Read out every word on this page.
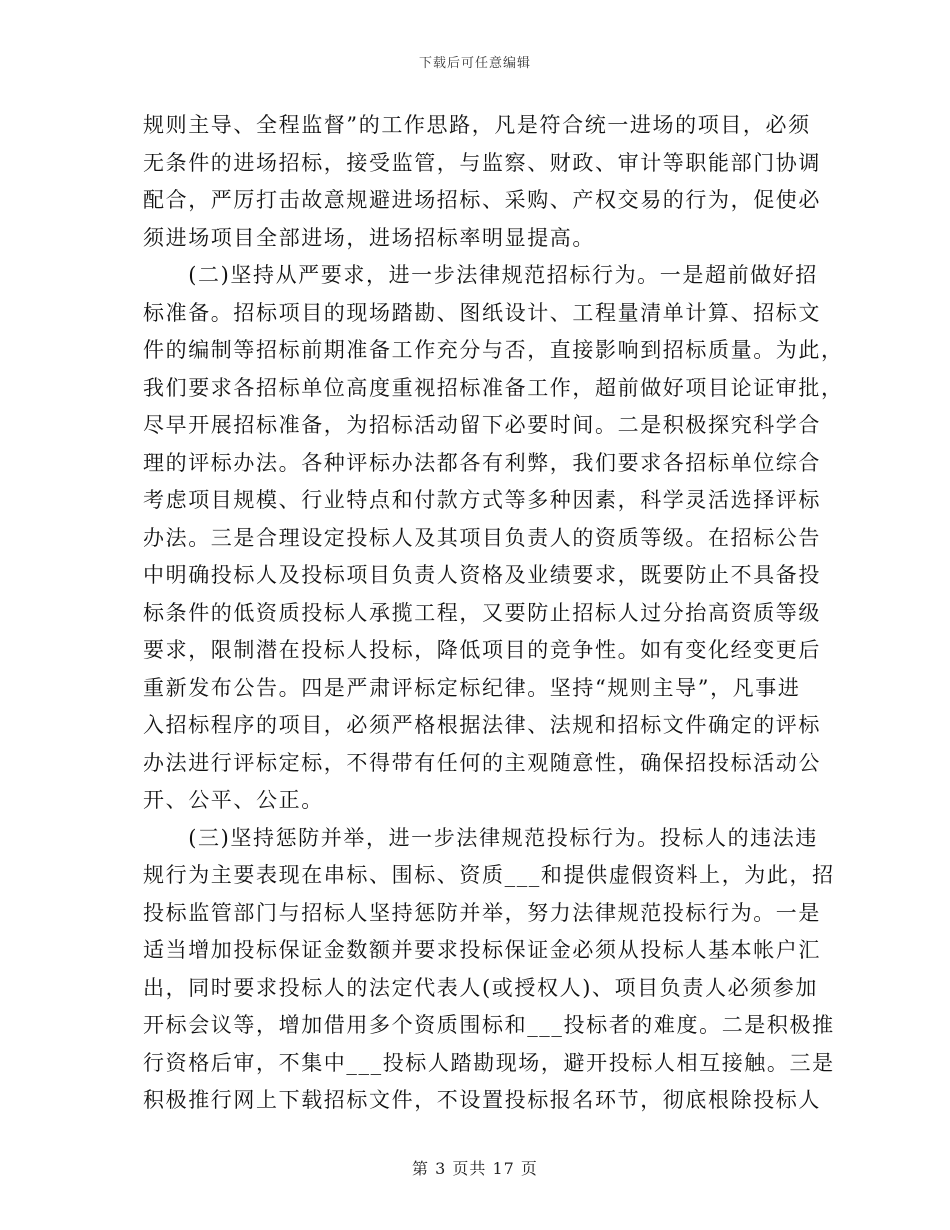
下载后可任意编辑
规则主导、全程监督”的工作思路，凡是符合统一进场的项目，必须
无条件的进场招标，接受监管，与监察、财政、审计等职能部门协调
配合，严厉打击故意规避进场招标、采购、产权交易的行为，促使必
须进场项目全部进场，进场招标率明显提高。
　　(二)坚持从严要求，进一步法律规范招标行为。一是超前做好招
标准备。招标项目的现场踏勘、图纸设计、工程量清单计算、招标文
件的编制等招标前期准备工作充分与否，直接影响到招标质量。为此，
我们要求各招标单位高度重视招标准备工作，超前做好项目论证审批，
尽早开展招标准备，为招标活动留下必要时间。二是积极探究科学合
理的评标办法。各种评标办法都各有利弊，我们要求各招标单位综合
考虑项目规模、行业特点和付款方式等多种因素，科学灵活选择评标
办法。三是合理设定投标人及其项目负责人的资质等级。在招标公告
中明确投标人及投标项目负责人资格及业绩要求，既要防止不具备投
标条件的低资质投标人承揽工程，又要防止招标人过分抬高资质等级
要求，限制潜在投标人投标，降低项目的竞争性。如有变化经变更后
重新发布公告。四是严肃评标定标纪律。坚持“规则主导”，凡事进
入招标程序的项目，必须严格根据法律、法规和招标文件确定的评标
办法进行评标定标，不得带有任何的主观随意性，确保招投标活动公
开、公平、公正。
　　(三)坚持惩防并举，进一步法律规范投标行为。投标人的违法违
规行为主要表现在串标、围标、资质___和提供虚假资料上，为此，招
投标监管部门与招标人坚持惩防并举，努力法律规范投标行为。一是
适当增加投标保证金数额并要求投标保证金必须从投标人基本帐户汇
出，同时要求投标人的法定代表人(或授权人)、项目负责人必须参加
开标会议等，增加借用多个资质围标和___投标者的难度。二是积极推
行资格后审，不集中___投标人踏勘现场，避开投标人相互接触。三是
积极推行网上下载招标文件，不设置投标报名环节，彻底根除投标人
第 3 页共 17 页
